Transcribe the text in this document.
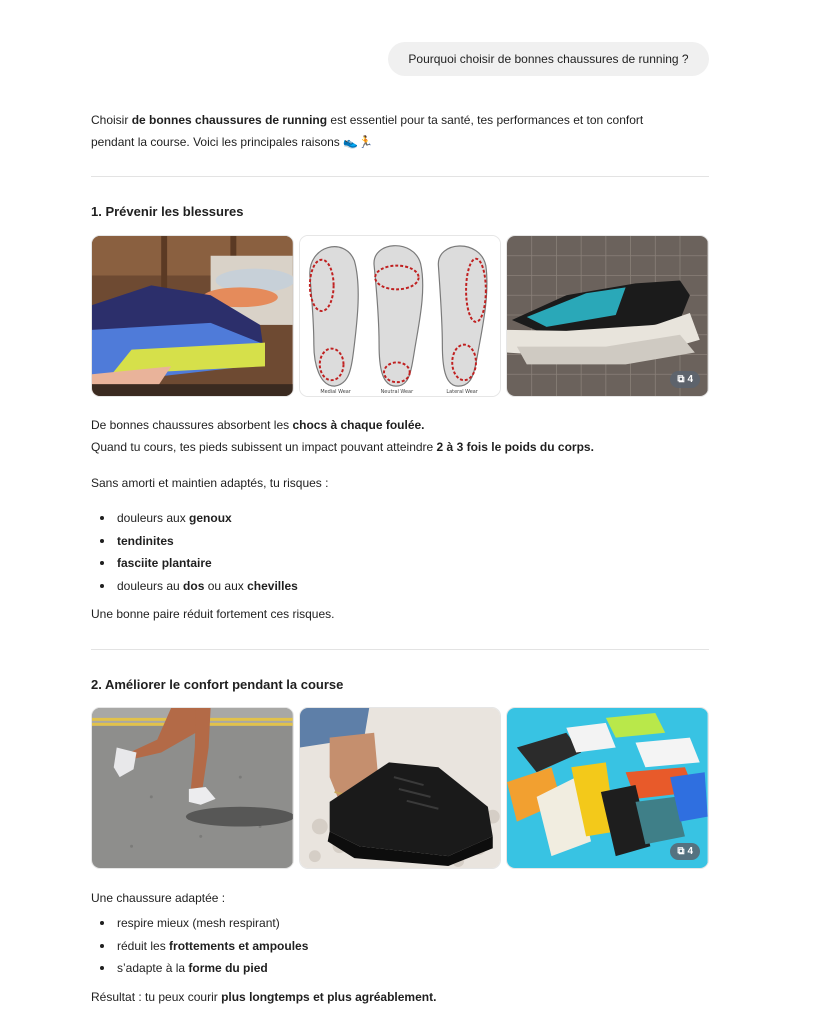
Pourquoi choisir de bonnes chaussures de running ?

Choisir de bonnes chaussures de running est essentiel pour ta santé, tes performances et ton confort

pendant la course. Voici les principales raisons 👟🏃

1. Prévenir les blessures
Medial Wear	Neutral Wear	Lateral Wear
⧉ 4

De bonnes chaussures absorbent les chocs à chaque foulée.

Quand tu cours, tes pieds subissent un impact pouvant atteindre 2 à 3 fois le poids du corps.

Sans amorti et maintien adaptés, tu risques :

douleurs aux genoux
tendinites
fasciite plantaire
douleurs au dos ou aux chevilles

Une bonne paire réduit fortement ces risques.

2. Améliorer le confort pendant la course
⧉ 4

Une chaussure adaptée :

respire mieux (mesh respirant)
réduit les frottements et ampoules
s’adapte à la forme du pied

Résultat : tu peux courir plus longtemps et plus agréablement.
